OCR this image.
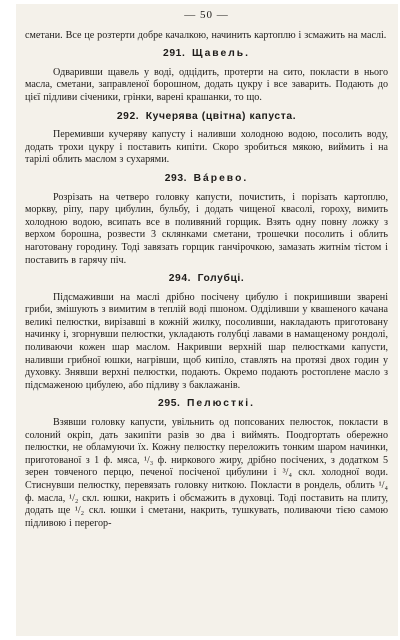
— 50 —

сметани. Все це розтерти добре качалкою, начинить картоплю і зсмажить на маслі.

291. Щавель.

Одваривши щавель у воді, одцідить, протерти на сито, поклaсти в нього масла, сметани, заправленої борошном, додать цукру і все заварить. Подають до цієї підливи січеники, грінки, варені крашанки, то що.

292. Кучерява (цвітна) капуста.

Перемивши кучеряву капусту і наливши холодною водою, посолить воду, додать трохи цукру і поставить кипіти. Скоро зробиться мякою, виймить і на тарілі облить маслом з сухарями.

293. Bápeвo.

Розрізать на четверо головку капусти, почистить, і порізать картоплю, моркву, ріпу, пару цибулин, бульбу, і додать чищеної квасолі, гороху, вимить холодною водою, всипать все в поливяний горщик. Взять одну повну ложку з верхом борошна, розвести 3 склянками сметани, трошечки посолить і облить наготовану городину. Тоді завязать горщик ганчірочкою, замазать житнім тістом і поставить в гарячу піч.

294. Голубці.

Підсмаживши на маслі дрібно посічену цибулю і покришивши зварені гриби, змішують з вимитим в теплій воді пшоном. Одділивши у квашеного качана великі пелюстки, вирізавші в кожній жилку, посоливши, накладають приготовану начинку і, згорнувши пелюстки, укладають голубці лавами в намащеному рондолі, поливаючи кожен шар маслом. Накривши верхній шар пелюстками капусти, наливши грибної юшки, нагрівши, щоб кипіло, ставлять на протязі двох годин у духовку. Знявши верхні пелюстки, подають. Окремо подають ростоплене масло з підсмаженою цибулею, або підливу з баклажанів.

295. Пелюсткі.

Взявши головку капусти, увільнить од попсованих пелюсток, поклaсти в солоний окріп, дать закипіти разів зо два і виймять. Поодгортать обережно пелюстки, не обламуючи їх. Кожну пелюстку переложить тонким шаром начинки, приготованої з 1 ф. мяса, ¹/₃ ф. ниркового жиру, дрібно посічених, з додатком 5 зерен товченого перцю, печеної посіченої цибулини і ³/₄ скл. холодної води. Стиснувши пелюстку, перевязать головку ниткою. Поклaсти в рондель, облить ¹/₄ ф. масла, ¹/₂ скл. юшки, накрить і обсмажить в духовці. Тоді поставить на плиту, додать ще ¹/₂ скл. юшки і сметани, накрить, тушкувать, поливаючи тією самою підливою і перегор-
